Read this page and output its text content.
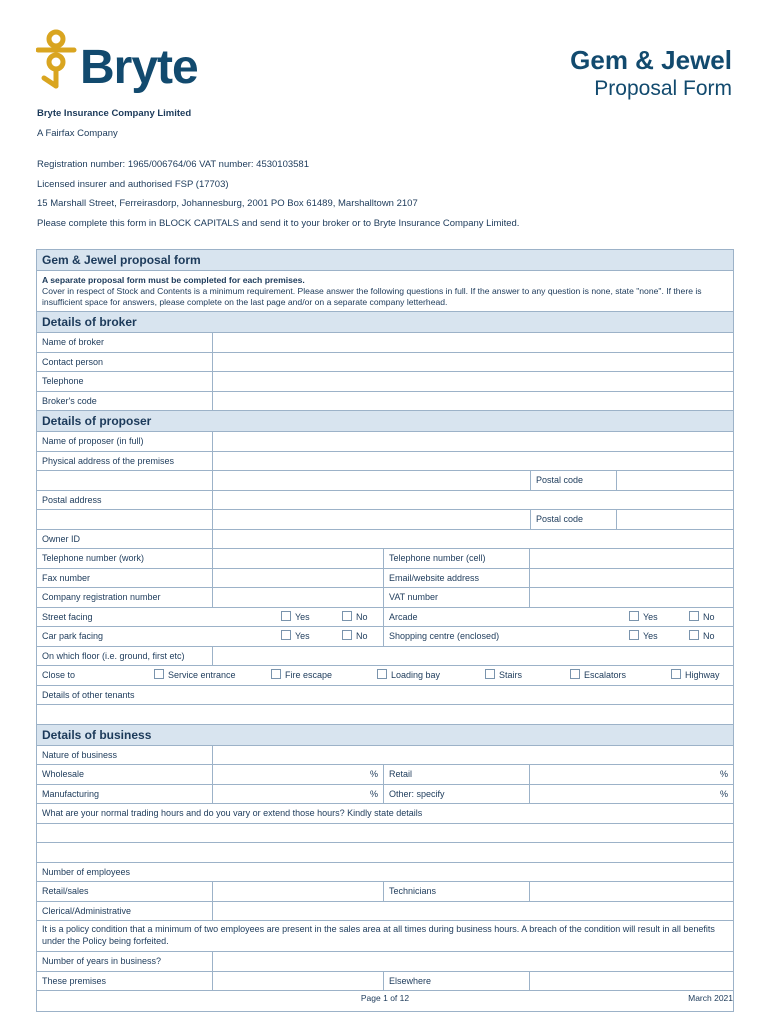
Bryte	Gem & Jewel
Proposal Form
Bryte Insurance Company Limited
A Fairfax Company
Registration number: 1965/006764/06 VAT number: 4530103581
Licensed insurer and authorised FSP (17703)
15 Marshall Street, Ferreirasdorp, Johannesburg, 2001 PO Box 61489, Marshalltown 2107
Please complete this form in BLOCK CAPITALS and send it to your broker or to Bryte Insurance Company Limited.
Gem & Jewel proposal form
A separate proposal form must be completed for each premises.
Cover in respect of Stock and Contents is a minimum requirement. Please answer the following questions in full. If the answer to any question is none, state "none". If there is insufficient space for answers, please complete on the last page and/or on a separate company letterhead.
Details of broker
Name of broker
Contact person
Telephone
Broker's code
Details of proposer
Name of proposer (in full)
Physical address of the premises
Postal code
Postal address
Postal code
Owner ID
Telephone number (work)	Telephone number (cell)
Fax number	Email/website address
Company registration number	VAT number
Street facing	Yes	No	Arcade	Yes	No
Car park facing	Yes	No	Shopping centre (enclosed)	Yes	No
On which floor (i.e. ground, first etc)
Close to	Service entrance	Fire escape	Loading bay	Stairs	Escalators	Highway
Details of other tenants
Details of business
Nature of business
Wholesale	%	Retail	%
Manufacturing	%	Other: specify	%
What are your normal trading hours and do you vary or extend those hours? Kindly state details
Number of employees
Retail/sales	Technicians
Clerical/Administrative
It is a policy condition that a minimum of two employees are present in the sales area at all times during business hours. A breach of the condition will result in all benefits under the Policy being forfeited.
Number of years in business?
These premises	Elsewhere
Page 1 of 12	March 2021
